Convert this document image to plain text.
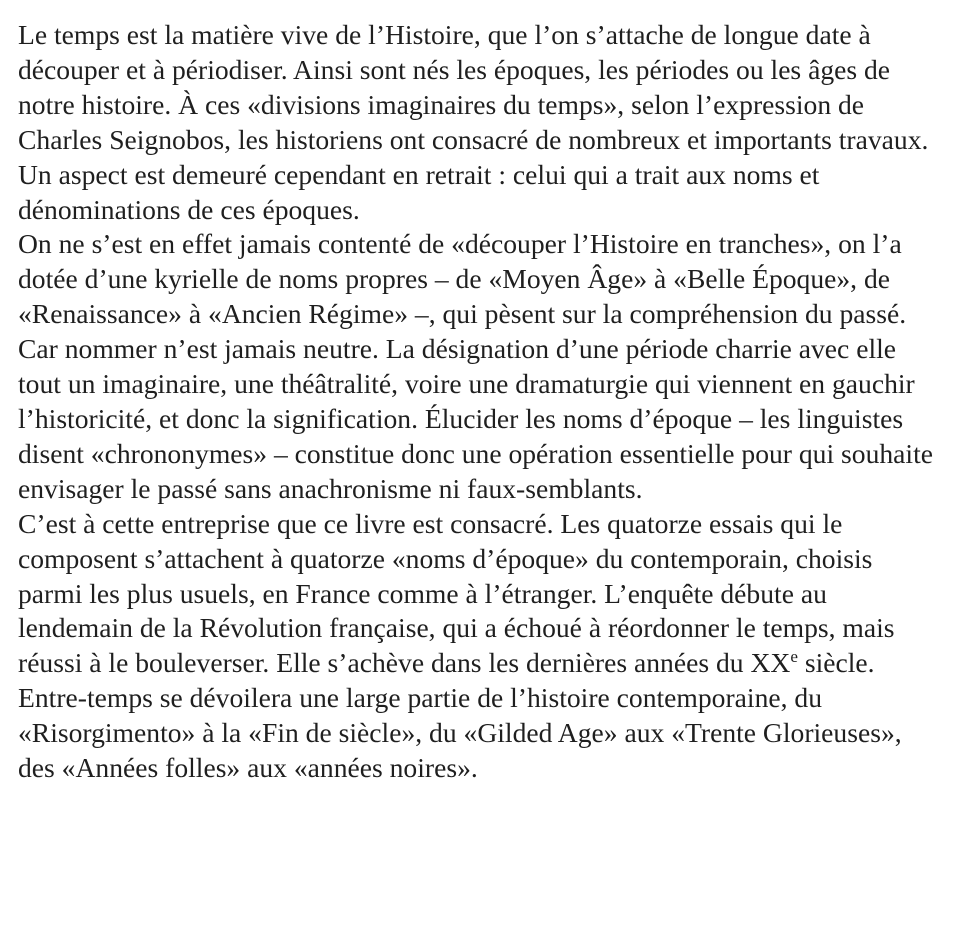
Le temps est la matière vive de l’Histoire, que l’on s’attache de longue date à découper et à périodiser. Ainsi sont nés les époques, les périodes ou les âges de notre histoire. À ces «divisions imaginaires du temps», selon l’expression de Charles Seignobos, les historiens ont consacré de nombreux et importants travaux. Un aspect est demeuré cependant en retrait : celui qui a trait aux noms et dénominations de ces époques.

On ne s’est en effet jamais contenté de «découper l’Histoire en tranches», on l’a dotée d’une kyrielle de noms propres – de «Moyen Âge» à «Belle Époque», de «Renaissance» à «Ancien Régime» –, qui pèsent sur la compréhension du passé. Car nommer n’est jamais neutre. La désignation d’une période charrie avec elle tout un imaginaire, une théâtralité, voire une dramaturgie qui viennent en gauchir l’historicité, et donc la signification. Élucider les noms d’époque – les linguistes disent «chrononymes» – constitue donc une opération essentielle pour qui souhaite envisager le passé sans anachronisme ni faux-semblants.

C’est à cette entreprise que ce livre est consacré. Les quatorze essais qui le composent s’attachent à quatorze «noms d’époque» du contemporain, choisis parmi les plus usuels, en France comme à l’étranger. L’enquête débute au lendemain de la Révolution française, qui a échoué à réordonner le temps, mais réussi à le bouleverser. Elle s’achève dans les dernières années du XXe siècle. Entre-temps se dévoilera une large partie de l’histoire contemporaine, du «Risorgimento» à la «Fin de siècle», du «Gilded Age» aux «Trente Glorieuses», des «Années folles» aux «années noires».
